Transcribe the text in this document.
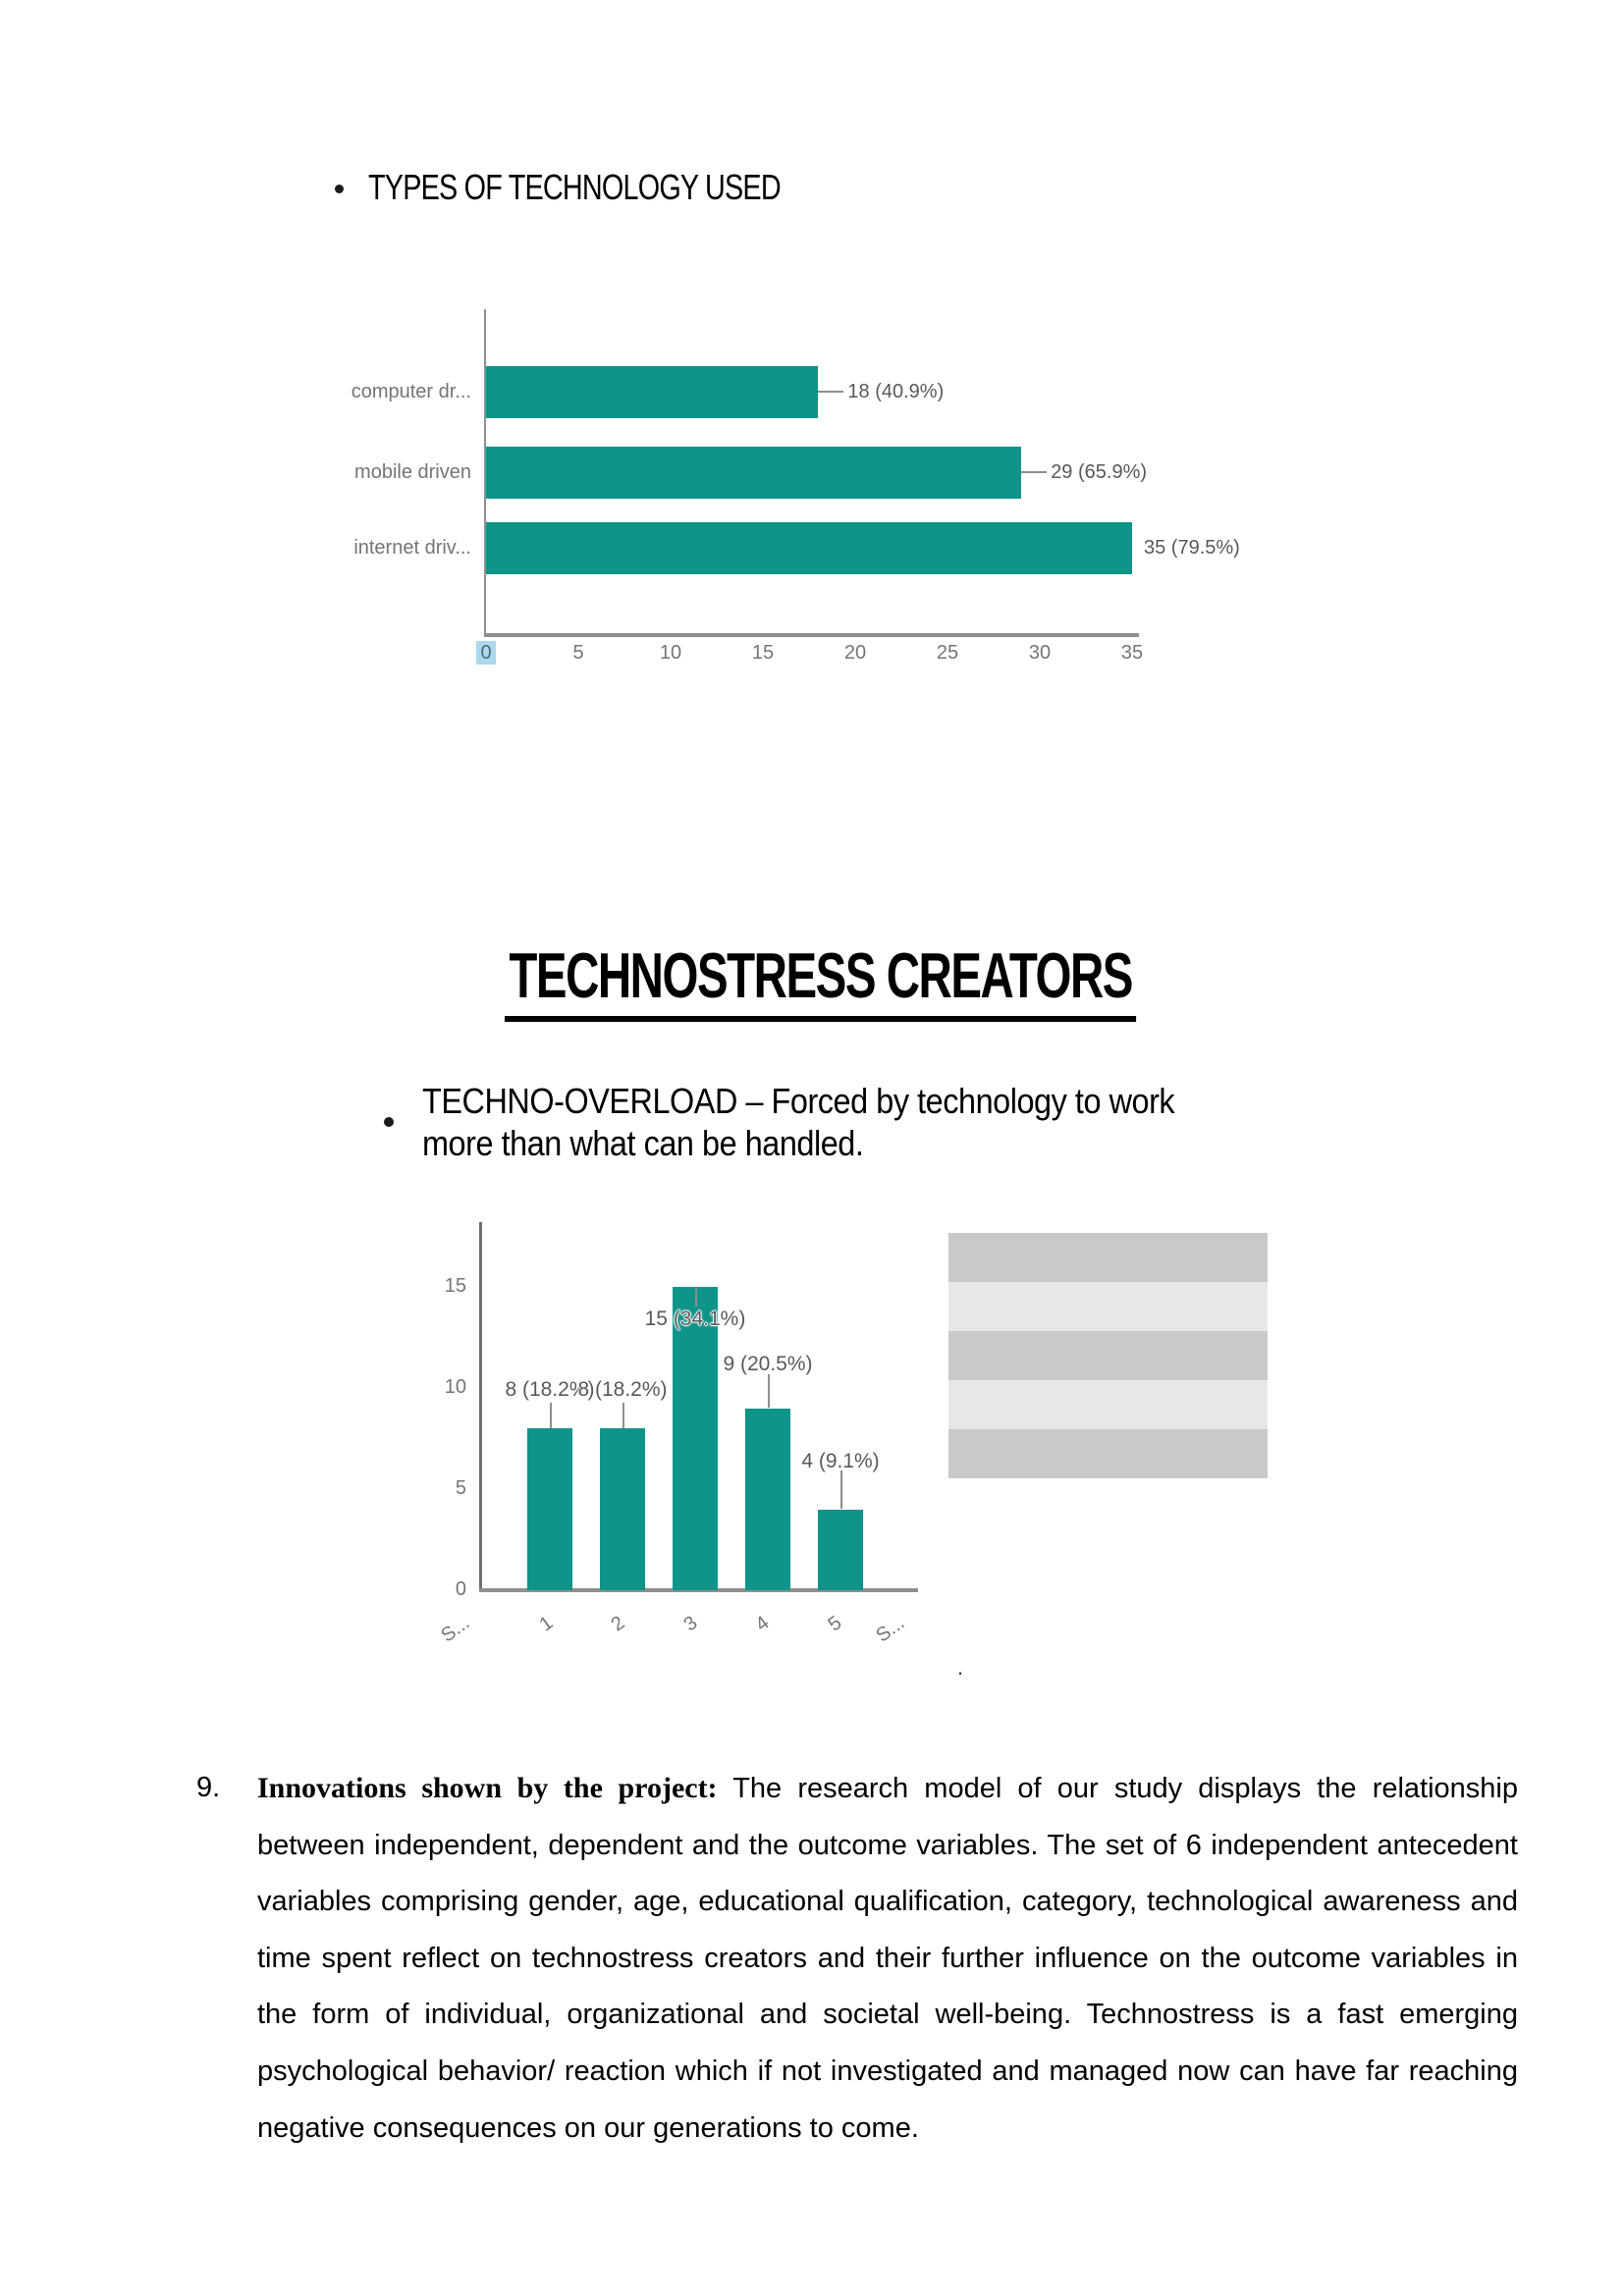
TYPES OF TECHNOLOGY USED
computer dr...	18 (40.9%)
mobile driven	29 (65.9%)
internet driv...	35 (79.5%)
0	5	10	15	20	25	30	35
TECHNOSTRESS CREATORS
TECHNO-OVERLOAD – Forced by technology to work
more than what can be handled.
0
5
10
15
8 (18.2%)
8 (18.2%)
15 (34.1%)
9 (20.5%)
4 (9.1%)
S...	1	2	3	4	5	S...
.
9. Innovations shown by the project: The research model of our study displays the relationship between independent, dependent and the outcome variables. The set of 6 independent antecedent variables comprising gender, age, educational qualification, category, technological awareness and time spent reflect on technostress creators and their further influence on the outcome variables in the form of individual, organizational and societal well-being. Technostress is a fast emerging psychological behavior/ reaction which if not investigated and managed now can have far reaching negative consequences on our generations to come.
